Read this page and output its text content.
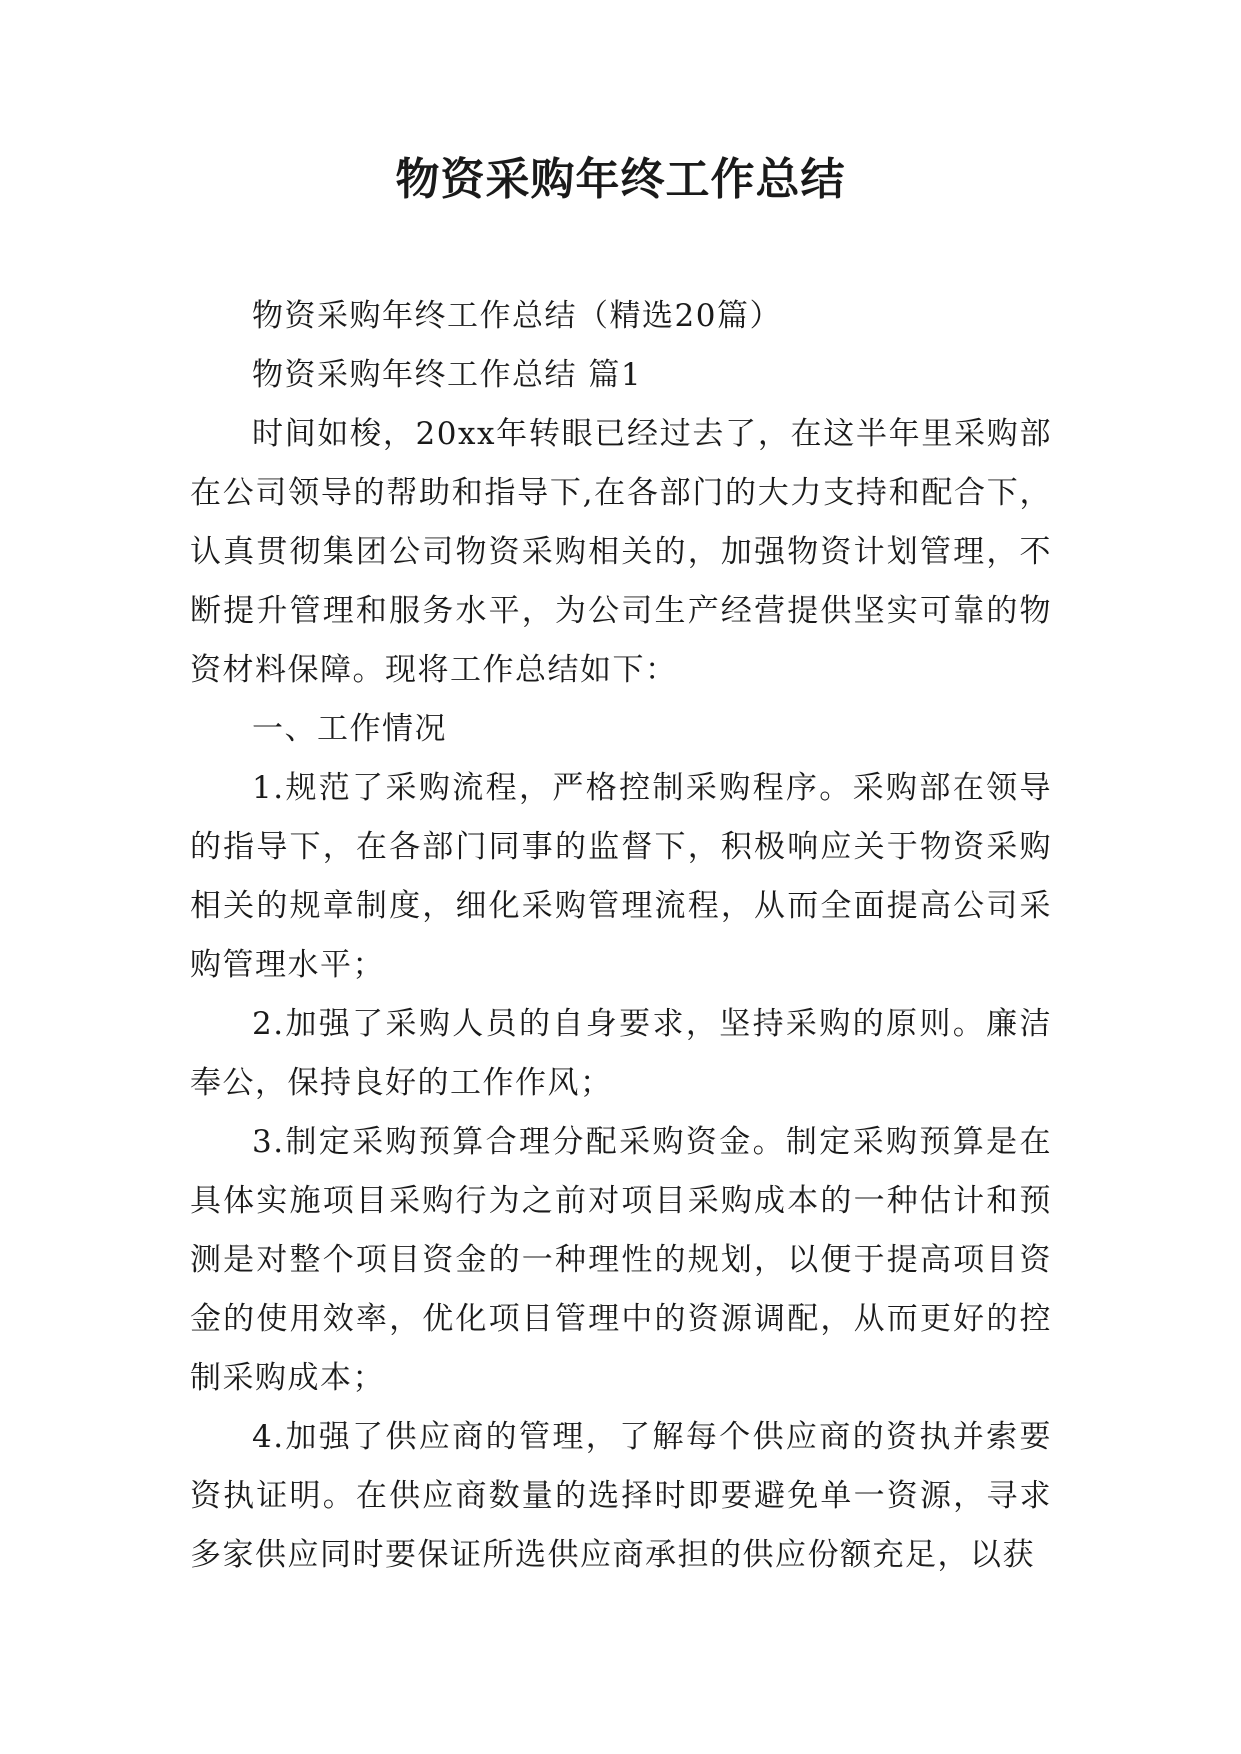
物资采购年终工作总结

物资采购年终工作总结（精选20篇）

物资采购年终工作总结 篇1

时间如梭，20xx年转眼已经过去了，在这半年里采购部在公司领导的帮助和指导下,在各部门的大力支持和配合下，认真贯彻集团公司物资采购相关的，加强物资计划管理，不断提升管理和服务水平，为公司生产经营提供坚实可靠的物资材料保障。现将工作总结如下：

一、工作情况

1.规范了采购流程，严格控制采购程序。采购部在领导的指导下，在各部门同事的监督下，积极响应关于物资采购相关的规章制度，细化采购管理流程，从而全面提高公司采购管理水平；

2.加强了采购人员的自身要求，坚持采购的原则。廉洁奉公，保持良好的工作作风；

3.制定采购预算合理分配采购资金。制定采购预算是在具体实施项目采购行为之前对项目采购成本的一种估计和预测是对整个项目资金的一种理性的规划，以便于提高项目资金的使用效率，优化项目管理中的资源调配，从而更好的控制采购成本；

4.加强了供应商的管理，了解每个供应商的资执并索要资执证明。在供应商数量的选择时即要避免单一资源，寻求多家供应同时要保证所选供应商承担的供应份额充足，以获
